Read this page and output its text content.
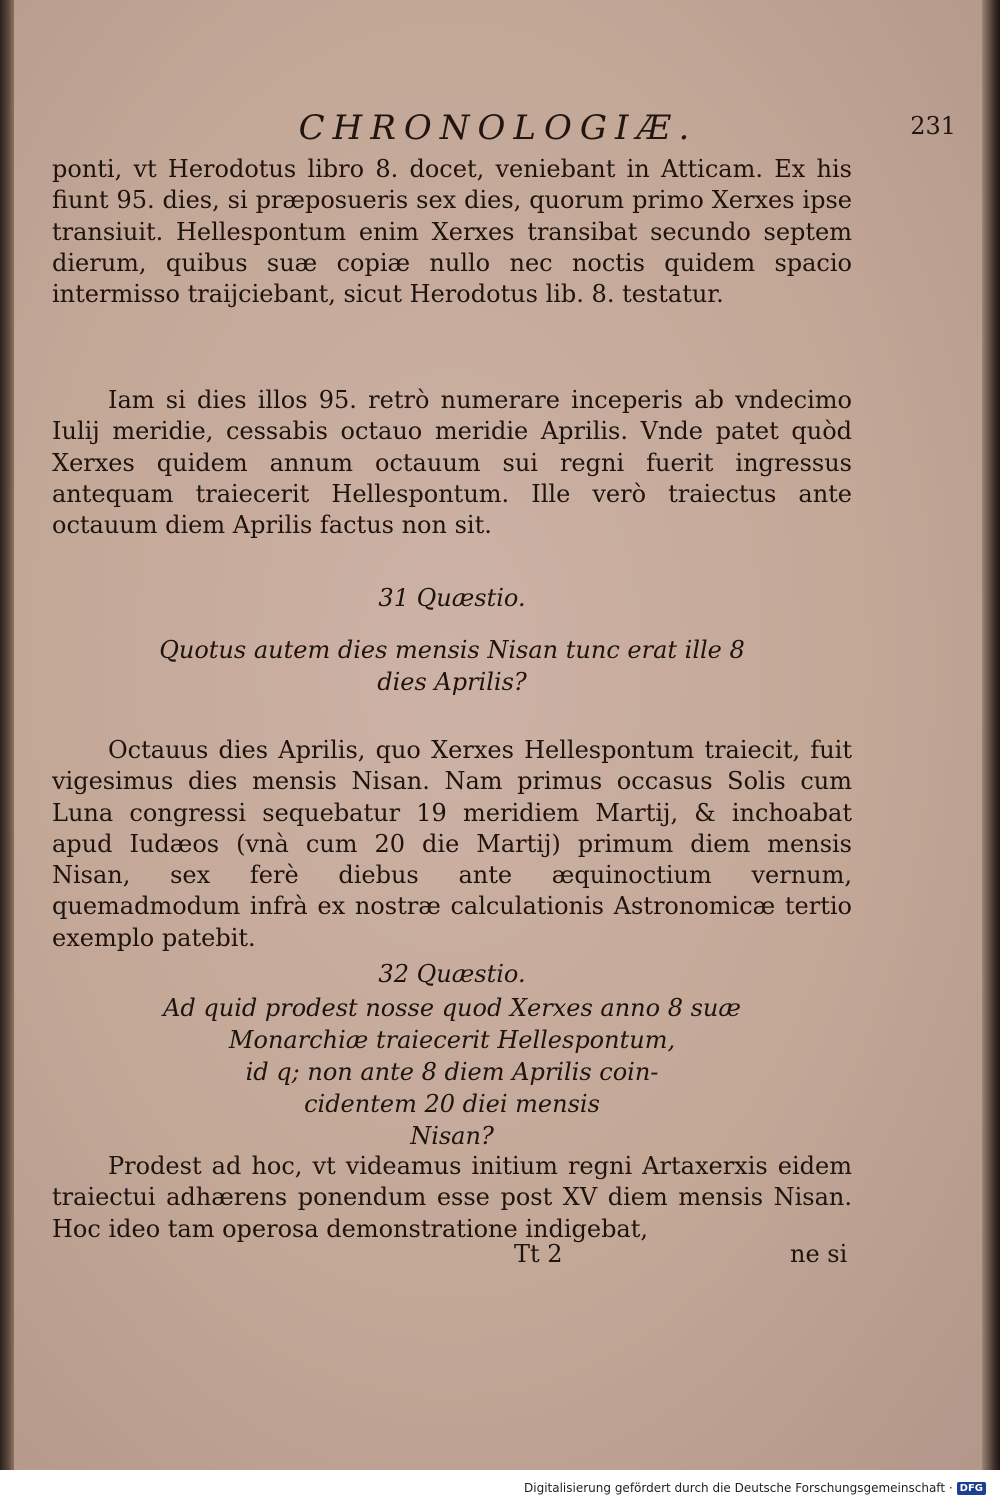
CHRONOLOGIÆ.	231

ponti, vt Herodotus libro 8. docet, veniebant in Atticam. Ex his fiunt 95. dies, si præposueris sex dies, quorum primo Xerxes ipse transiuit. Hellespontum enim Xerxes transibat secundo septem dierum, quibus suæ copiæ nullo nec noctis quidem spacio intermisso traijciebant, sicut Herodotus lib. 8. testatur.

Iam si dies illos 95. retrò numerare inceperis ab vndecimo Iulij meridie, cessabis octauo meridie Aprilis. Vnde patet quòd Xerxes quidem annum octauum sui regni fuerit ingressus antequam traiecerit Hellespontum. Ille verò traiectus ante octauum diem Aprilis factus non sit.

31 Quæstio.
Quotus autem dies mensis Nisan tunc erat ille 8
dies Aprilis?

Octauus dies Aprilis, quo Xerxes Hellespontum traiecit, fuit vigesimus dies mensis Nisan. Nam primus occasus Solis cum Luna congressi sequebatur 19 meridiem Martij, & inchoabat apud Iudæos (vnà cum 20 die Martij) primum diem mensis Nisan, sex ferè diebus ante æquinoctium vernum, quemadmodum infrà ex nostræ calculationis Astronomicæ tertio exemplo patebit.

32 Quæstio.
Ad quid prodest nosse quod Xerxes anno 8 suæ
Monarchiæ traiecerit Hellespontum,
id q; non ante 8 diem Aprilis coin-
cidentem 20 diei mensis
Nisan?

Prodest ad hoc, vt videamus initium regni Artaxerxis eidem traiectui adhærens ponendum esse post XV diem mensis Nisan. Hoc ideo tam operosa demonstratione indigebat,

Tt 2	ne si
Digitalisierung gefördert durch die Deutsche Forschungsgemeinschaft · DFG
